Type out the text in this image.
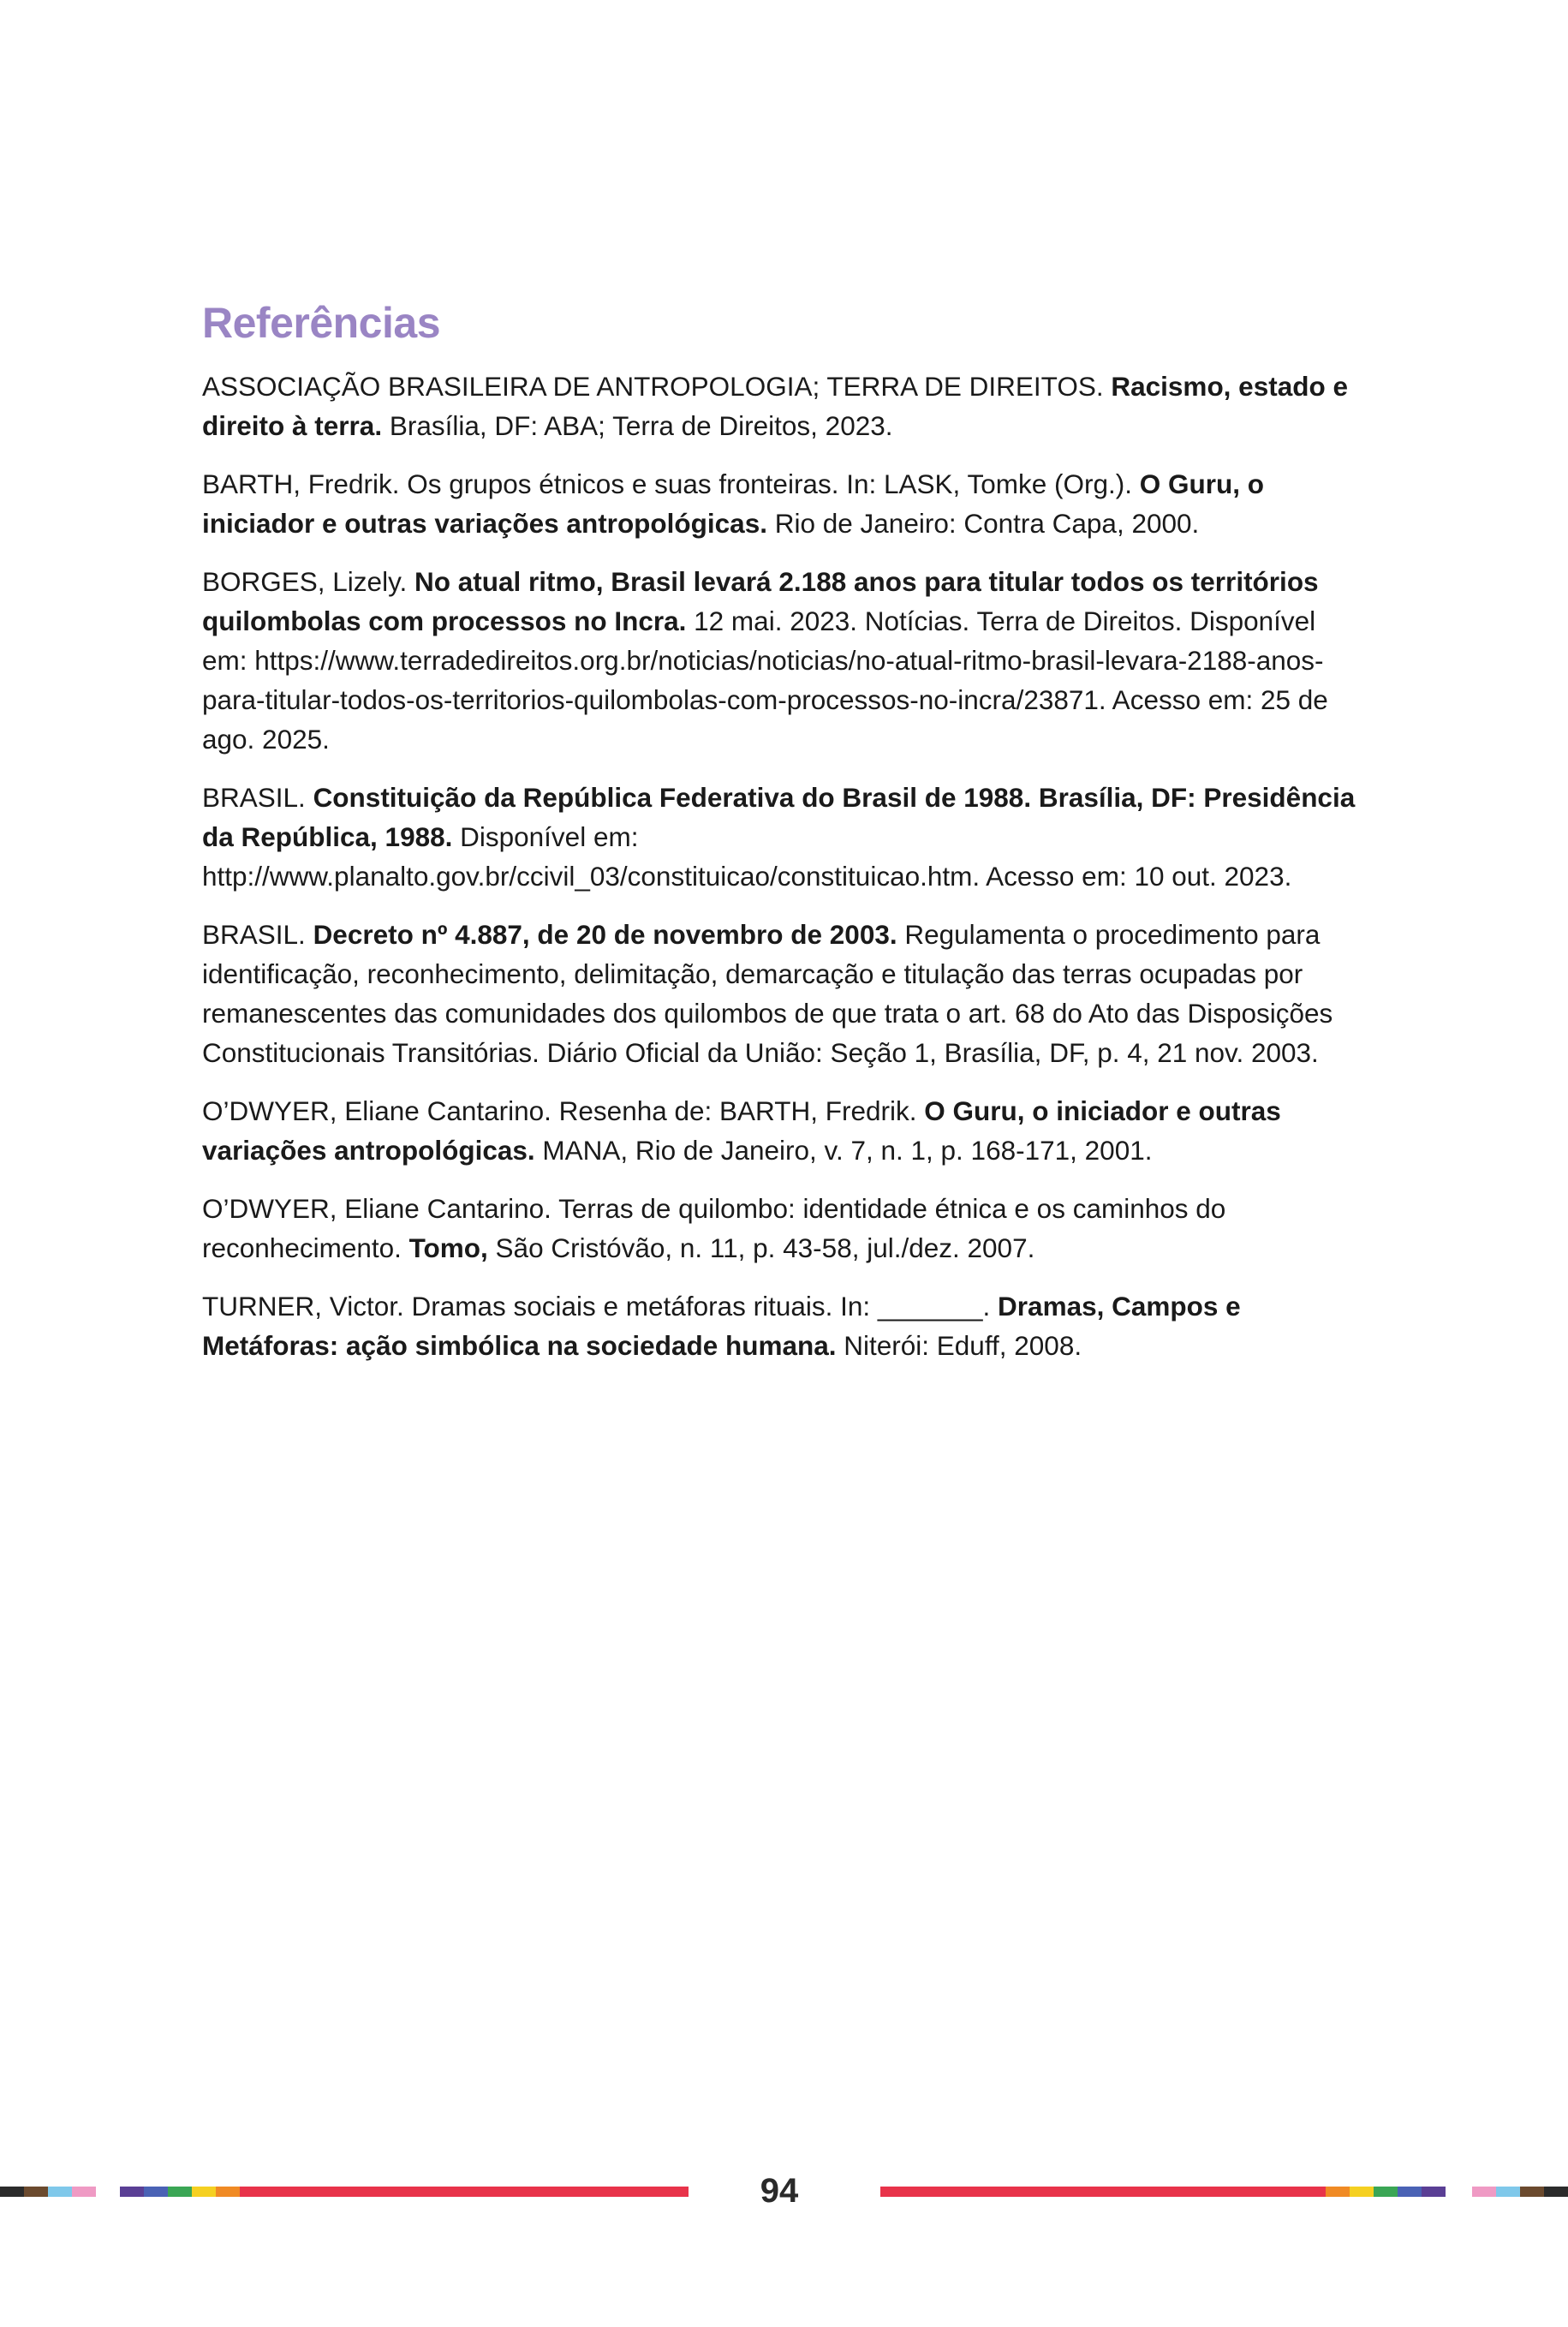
Referências

ASSOCIAÇÃO BRASILEIRA DE ANTROPOLOGIA; TERRA DE DIREITOS. Racismo, estado e direito à terra. Brasília, DF: ABA; Terra de Direitos, 2023.

BARTH, Fredrik. Os grupos étnicos e suas fronteiras. In: LASK, Tomke (Org.). O Guru, o iniciador e outras variações antropológicas. Rio de Janeiro: Contra Capa, 2000.

BORGES, Lizely. No atual ritmo, Brasil levará 2.188 anos para titular todos os territórios quilombolas com processos no Incra. 12 mai. 2023. Notícias. Terra de Direitos. Disponível em: https://www.terradedireitos.org.br/noticias/noticias/no-atual-ritmo-brasil-levara-2188-anos-para-titular-todos-os-territorios-quilombolas-com-processos-no-incra/23871. Acesso em: 25 de ago. 2025.

BRASIL. Constituição da República Federativa do Brasil de 1988. Brasília, DF: Presidência da República, 1988. Disponível em: http://www.planalto.gov.br/ccivil_03/constituicao/constituicao.htm. Acesso em: 10 out. 2023.

BRASIL. Decreto nº 4.887, de 20 de novembro de 2003. Regulamenta o procedimento para identificação, reconhecimento, delimitação, demarcação e titulação das terras ocupadas por remanescentes das comunidades dos quilombos de que trata o art. 68 do Ato das Disposições Constitucionais Transitórias. Diário Oficial da União: Seção 1, Brasília, DF, p. 4, 21 nov. 2003.

O’DWYER, Eliane Cantarino. Resenha de: BARTH, Fredrik. O Guru, o iniciador e outras variações antropológicas. MANA, Rio de Janeiro, v. 7, n. 1, p. 168-171, 2001.

O’DWYER, Eliane Cantarino. Terras de quilombo: identidade étnica e os caminhos do reconhecimento. Tomo, São Cristóvão, n. 11, p. 43-58, jul./dez. 2007.

TURNER, Victor. Dramas sociais e metáforas rituais. In: _______. Dramas, Campos e Metáforas: ação simbólica na sociedade humana. Niterói: Eduff, 2008.

94
